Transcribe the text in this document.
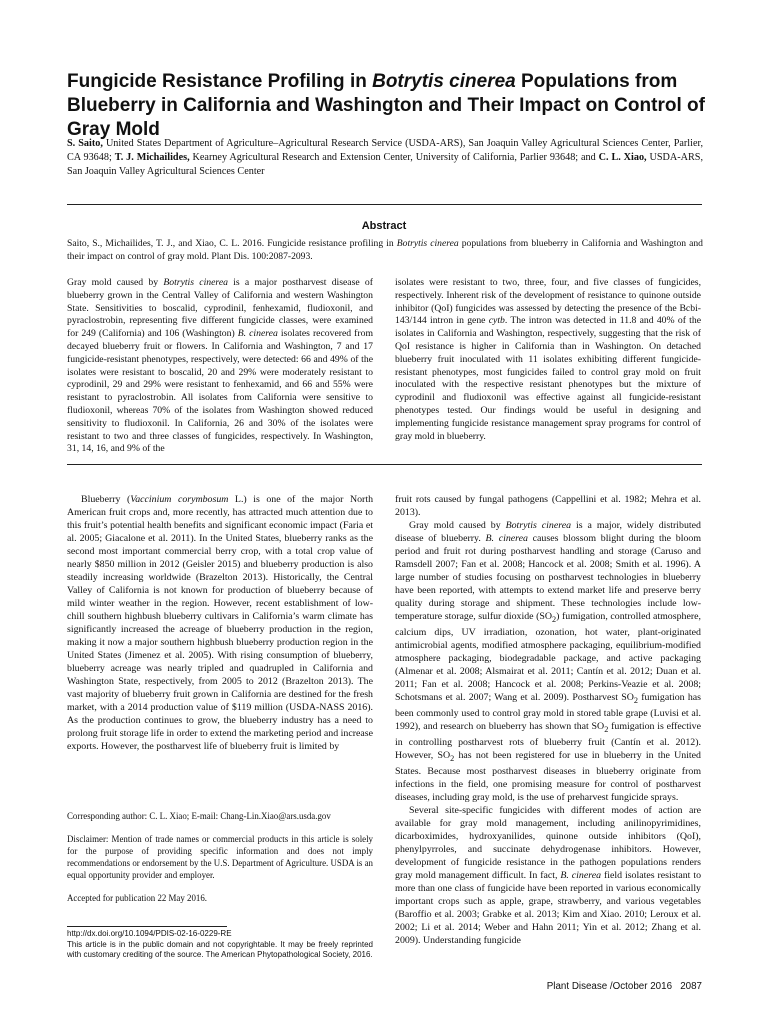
Fungicide Resistance Profiling in Botrytis cinerea Populations from Blueberry in California and Washington and Their Impact on Control of Gray Mold
S. Saito, United States Department of Agriculture–Agricultural Research Service (USDA-ARS), San Joaquin Valley Agricultural Sciences Center, Parlier, CA 93648; T. J. Michailides, Kearney Agricultural Research and Extension Center, University of California, Parlier 93648; and C. L. Xiao, USDA-ARS, San Joaquin Valley Agricultural Sciences Center
Abstract
Saito, S., Michailides, T. J., and Xiao, C. L. 2016. Fungicide resistance profiling in Botrytis cinerea populations from blueberry in California and Washington and their impact on control of gray mold. Plant Dis. 100:2087-2093.

Gray mold caused by Botrytis cinerea is a major postharvest disease of blueberry grown in the Central Valley of California and western Washington State. Sensitivities to boscalid, cyprodinil, fenhexamid, fludioxonil, and pyraclostrobin, representing five different fungicide classes, were examined for 249 (California) and 106 (Washington) B. cinerea isolates recovered from decayed blueberry fruit or flowers. In California and Washington, 7 and 17 fungicide-resistant phenotypes, respectively, were detected: 66 and 49% of the isolates were resistant to boscalid, 20 and 29% were moderately resistant to cyprodinil, 29 and 29% were resistant to fenhexamid, and 66 and 55% were resistant to pyraclostrobin. All isolates from California were sensitive to fludioxonil, whereas 70% of the isolates from Washington showed reduced sensitivity to fludioxonil. In California, 26 and 30% of the isolates were resistant to two and three classes of fungicides, respectively. In Washington, 31, 14, 16, and 9% of the

isolates were resistant to two, three, four, and five classes of fungicides, respectively. Inherent risk of the development of resistance to quinone outside inhibitor (QoI) fungicides was assessed by detecting the presence of the Bcbi-143/144 intron in gene cytb. The intron was detected in 11.8 and 40% of the isolates in California and Washington, respectively, suggesting that the risk of QoI resistance is higher in California than in Washington. On detached blueberry fruit inoculated with 11 isolates exhibiting different fungicide-resistant phenotypes, most fungicides failed to control gray mold on fruit inoculated with the respective resistant phenotypes but the mixture of cyprodinil and fludioxonil was effective against all fungicide-resistant phenotypes tested. Our findings would be useful in designing and implementing fungicide resistance management spray programs for control of gray mold in blueberry.

Blueberry (Vaccinium corymbosum L.) is one of the major North American fruit crops and, more recently, has attracted much attention due to this fruit’s potential health benefits and significant economic impact (Faria et al. 2005; Giacalone et al. 2011). In the United States, blueberry ranks as the second most important commercial berry crop, with a total crop value of nearly $850 million in 2012 (Geisler 2015) and blueberry production is also steadily increasing worldwide (Brazelton 2013). Historically, the Central Valley of California is not known for production of blueberry because of mild winter weather in the region. However, recent establishment of low-chill southern highbush blueberry cultivars in California’s warm climate has significantly increased the acreage of blueberry production in the region, making it now a major southern highbush blueberry production region in the United States (Jimenez et al. 2005). With rising consumption of blueberry, blueberry acreage was nearly tripled and quadrupled in California and Washington State, respectively, from 2005 to 2012 (Brazelton 2013). The vast majority of blueberry fruit grown in California are destined for the fresh market, with a 2014 production value of $119 million (USDA-NASS 2016). As the production continues to grow, the blueberry industry has a need to prolong fruit storage life in order to extend the marketing period and increase exports. However, the postharvest life of blueberry fruit is limited by

Corresponding author: C. L. Xiao; E-mail: Chang-Lin.Xiao@ars.usda.gov

Disclaimer: Mention of trade names or commercial products in this article is solely for the purpose of providing specific information and does not imply recommendations or endorsement by the U.S. Department of Agriculture. USDA is an equal opportunity provider and employer.

Accepted for publication 22 May 2016.

http://dx.doi.org/10.1094/PDIS-02-16-0229-RE
This article is in the public domain and not copyrightable. It may be freely reprinted with customary crediting of the source. The American Phytopathological Society, 2016.

fruit rots caused by fungal pathogens (Cappellini et al. 1982; Mehra et al. 2013).

Gray mold caused by Botrytis cinerea is a major, widely distributed disease of blueberry. B. cinerea causes blossom blight during the bloom period and fruit rot during postharvest handling and storage (Caruso and Ramsdell 2007; Fan et al. 2008; Hancock et al. 2008; Smith et al. 1996). A large number of studies focusing on postharvest technologies in blueberry have been reported, with attempts to extend market life and preserve berry quality during storage and shipment. These technologies include low-temperature storage, sulfur dioxide $(SO_2)$ fumigation, controlled atmosphere, calcium dips, UV irradiation, ozonation, hot water, plant-originated antimicrobial agents, modified atmosphere packaging, equilibrium-modified atmosphere packaging, biodegradable package, and active packaging (Almenar et al. 2008; Alsmairat et al. 2011; Cantín et al. 2012; Duan et al. 2011; Fan et al. 2008; Hancock et al. 2008; Perkins-Veazie et al. 2008; Schotsmans et al. 2007; Wang et al. 2009). Postharvest $SO_2$ fumigation has been commonly used to control gray mold in stored table grape (Luvisi et al. 1992), and research on blueberry has shown that $SO_2$ fumigation is effective in controlling postharvest rots of blueberry fruit (Cantín et al. 2012). However, $SO_2$ has not been registered for use in blueberry in the United States. Because most postharvest diseases in blueberry originate from infections in the field, one promising measure for control of postharvest diseases, including gray mold, is the use of preharvest fungicide sprays.

Several site-specific fungicides with different modes of action are available for gray mold management, including anilinopyrimidines, dicarboximides, hydroxyanilides, quinone outside inhibitors (QoI), phenylpyrroles, and succinate dehydrogenase inhibitors. However, development of fungicide resistance in the pathogen populations renders gray mold management difficult. In fact, B. cinerea field isolates resistant to more than one class of fungicide have been reported in various economically important crops such as apple, grape, strawberry, and various vegetables (Baroffio et al. 2003; Grabke et al. 2013; Kim and Xiao. 2010; Leroux et al. 2002; Li et al. 2014; Weber and Hahn 2011; Yin et al. 2012; Zhang et al. 2009). Understanding fungicide

Plant Disease /October 2016 2087
